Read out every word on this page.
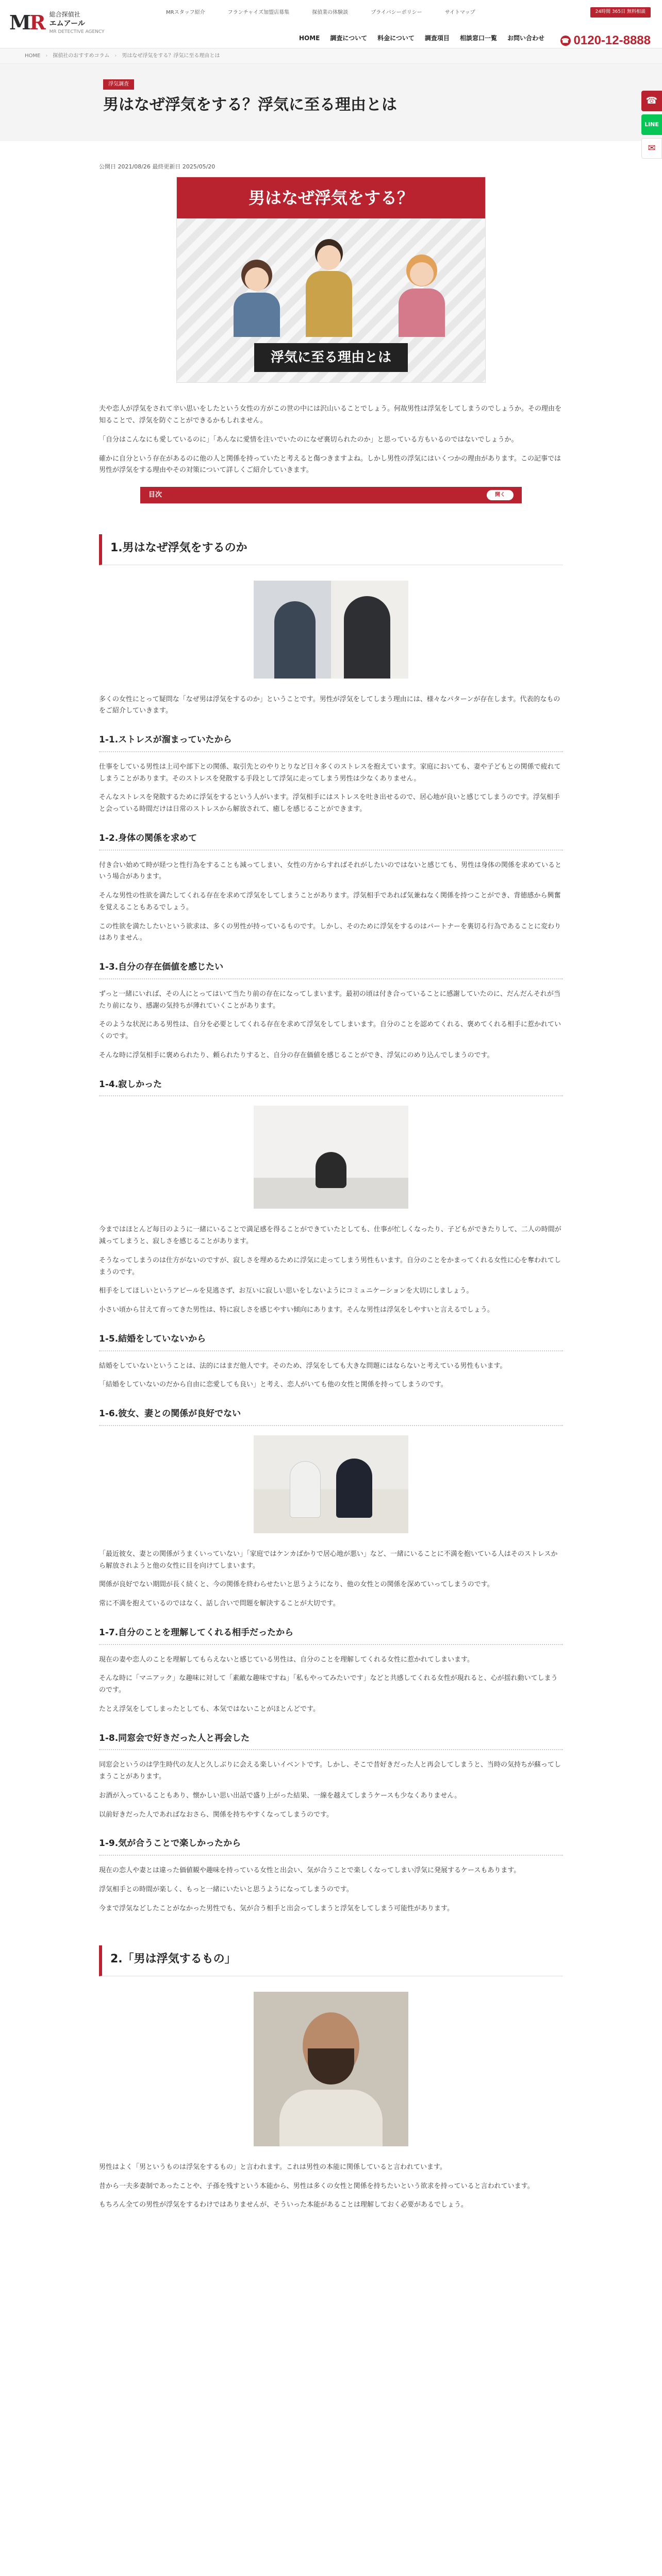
MR 総合探偵社
エムアール
MR DETECTIVE AGENCY
MRスタッフ紹介	フランチャイズ加盟店募集	探偵業の体験談	プライバシーポリシー	サイトマップ	24時間 365日 無料相談
HOME	調査について	料金について	調査項目	相談窓口一覧	お問い合わせ	☎ 0120-12-8888
HOME › 探偵社のおすすめコラム › 男はなぜ浮気をする？浮気に至る理由とは
浮気調査
男はなぜ浮気をする？浮気に至る理由とは	☎
LINE
✉
公開日 2021/08/26 最終更新日 2025/05/20
男はなぜ浮気をする？
浮気に至る理由とは

夫や恋人が浮気をされて辛い思いをしたという女性の方がこの世の中には沢山いることでしょう。何故男性は浮気をしてしまうのでしょうか。その理由を知ることで、浮気を防ぐことができるかもしれません。

「自分はこんなにも愛しているのに」「あんなに愛情を注いでいたのになぜ裏切られたのか」と思っている方もいるのではないでしょうか。

確かに自分という存在があるのに他の人と関係を持っていたと考えると傷つきますよね。しかし男性の浮気にはいくつかの理由があります。この記事では男性が浮気をする理由やその対策について詳しくご紹介していきます。

目次	開く
1.男はなぜ浮気をするのか

多くの女性にとって疑問な「なぜ男は浮気をするのか」ということです。男性が浮気をしてしまう理由には、様々なパターンが存在します。代表的なものをご紹介していきます。

1-1.ストレスが溜まっていたから

仕事をしている男性は上司や部下との関係、取引先とのやりとりなど日々多くのストレスを抱えています。家庭においても、妻や子どもとの関係で疲れてしまうことがあります。そのストレスを発散する手段として浮気に走ってしまう男性は少なくありません。

そんなストレスを発散するために浮気をするという人がいます。浮気相手にはストレスを吐き出せるので、居心地が良いと感じてしまうのです。浮気相手と会っている時間だけは日常のストレスから解放されて、癒しを感じることができます。

1-2.身体の関係を求めて

付き合い始めて時が経つと性行為をすることも減ってしまい、女性の方からすればそれがしたいのではないと感じても、男性は身体の関係を求めているという場合があります。

そんな男性の性欲を満たしてくれる存在を求めて浮気をしてしまうことがあります。浮気相手であれば気兼ねなく関係を持つことができ、背徳感から興奮を覚えることもあるでしょう。

この性欲を満たしたいという欲求は、多くの男性が持っているものです。しかし、そのために浮気をするのはパートナーを裏切る行為であることに変わりはありません。

1-3.自分の存在価値を感じたい

ずっと一緒にいれば、その人にとってはいて当たり前の存在になってしまいます。最初の頃は付き合っていることに感謝していたのに、だんだんそれが当たり前になり、感謝の気持ちが薄れていくことがあります。

そのような状況にある男性は、自分を必要としてくれる存在を求めて浮気をしてしまいます。自分のことを認めてくれる、褒めてくれる相手に惹かれていくのです。

そんな時に浮気相手に褒められたり、頼られたりすると、自分の存在価値を感じることができ、浮気にのめり込んでしまうのです。

1-4.寂しかった

今まではほとんど毎日のように一緒にいることで満足感を得ることができていたとしても、仕事が忙しくなったり、子どもができたりして、二人の時間が減ってしまうと、寂しさを感じることがあります。

そうなってしまうのは仕方がないのですが、寂しさを埋めるために浮気に走ってしまう男性もいます。自分のことをかまってくれる女性に心を奪われてしまうのです。

相手をしてほしいというアピールを見逃さず、お互いに寂しい思いをしないようにコミュニケーションを大切にしましょう。

小さい頃から甘えて育ってきた男性は、特に寂しさを感じやすい傾向にあります。そんな男性は浮気をしやすいと言えるでしょう。

1-5.結婚をしていないから

結婚をしていないということは、法的にはまだ他人です。そのため、浮気をしても大きな問題にはならないと考えている男性もいます。

「結婚をしていないのだから自由に恋愛しても良い」と考え、恋人がいても他の女性と関係を持ってしまうのです。

1-6.彼女、妻との関係が良好でない

「最近彼女、妻との関係がうまくいっていない」「家庭ではケンカばかりで居心地が悪い」など、一緒にいることに不満を抱いている人はそのストレスから解放されようと他の女性に目を向けてしまいます。

関係が良好でない期間が長く続くと、今の関係を終わらせたいと思うようになり、他の女性との関係を深めていってしまうのです。

常に不満を抱えているのではなく、話し合いで問題を解決することが大切です。

1-7.自分のことを理解してくれる相手だったから

現在の妻や恋人のことを理解してもらえないと感じている男性は、自分のことを理解してくれる女性に惹かれてしまいます。

そんな時に「マニアック」な趣味に対して「素敵な趣味ですね」「私もやってみたいです」などと共感してくれる女性が現れると、心が揺れ動いてしまうのです。

たとえ浮気をしてしまったとしても、本気ではないことがほとんどです。

1-8.同窓会で好きだった人と再会した

同窓会というのは学生時代の友人と久しぶりに会える楽しいイベントです。しかし、そこで昔好きだった人と再会してしまうと、当時の気持ちが蘇ってしまうことがあります。

お酒が入っていることもあり、懐かしい思い出話で盛り上がった結果、一線を越えてしまうケースも少なくありません。

以前好きだった人であればなおさら、関係を持ちやすくなってしまうのです。

1-9.気が合うことで楽しかったから

現在の恋人や妻とは違った価値観や趣味を持っている女性と出会い、気が合うことで楽しくなってしまい浮気に発展するケースもあります。

浮気相手との時間が楽しく、もっと一緒にいたいと思うようになってしまうのです。

今まで浮気などしたことがなかった男性でも、気が合う相手と出会ってしまうと浮気をしてしまう可能性があります。

2.「男は浮気するもの」

男性はよく「男というものは浮気をするもの」と言われます。これは男性の本能に関係していると言われています。

昔から一夫多妻制であったことや、子孫を残すという本能から、男性は多くの女性と関係を持ちたいという欲求を持っていると言われています。

もちろん全ての男性が浮気をするわけではありませんが、そういった本能があることは理解しておく必要があるでしょう。
